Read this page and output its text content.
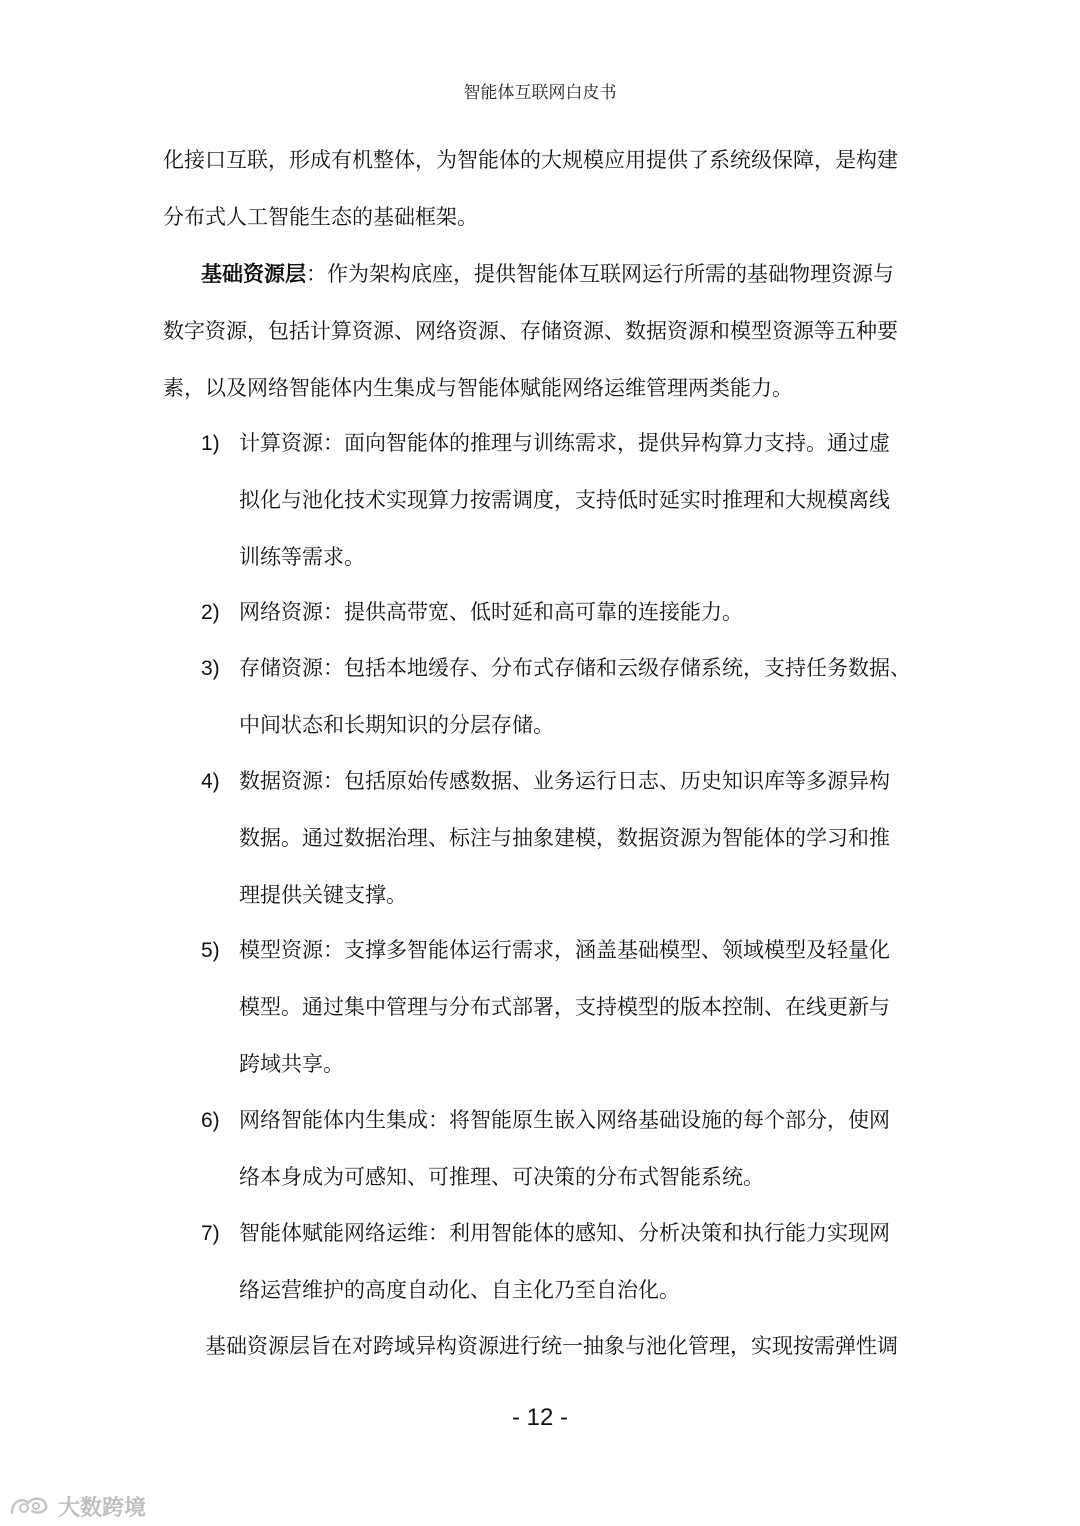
智能体互联网白皮书
化接口互联，形成有机整体，为智能体的大规模应用提供了系统级保障，是构建
分布式人工智能生态的基础框架。
基础资源层：作为架构底座，提供智能体互联网运行所需的基础物理资源与
数字资源，包括计算资源、网络资源、存储资源、数据资源和模型资源等五种要
素，以及网络智能体内生集成与智能体赋能网络运维管理两类能力。
1) 计算资源：面向智能体的推理与训练需求，提供异构算力支持。通过虚
拟化与池化技术实现算力按需调度，支持低时延实时推理和大规模离线
训练等需求。
2) 网络资源：提供高带宽、低时延和高可靠的连接能力。
3) 存储资源：包括本地缓存、分布式存储和云级存储系统，支持任务数据、
中间状态和长期知识的分层存储。
4) 数据资源：包括原始传感数据、业务运行日志、历史知识库等多源异构
数据。通过数据治理、标注与抽象建模，数据资源为智能体的学习和推
理提供关键支撑。
5) 模型资源：支撑多智能体运行需求，涵盖基础模型、领域模型及轻量化
模型。通过集中管理与分布式部署，支持模型的版本控制、在线更新与
跨域共享。
6) 网络智能体内生集成：将智能原生嵌入网络基础设施的每个部分，使网
络本身成为可感知、可推理、可决策的分布式智能系统。
7) 智能体赋能网络运维：利用智能体的感知、分析决策和执行能力实现网
络运营维护的高度自动化、自主化乃至自治化。
基础资源层旨在对跨域异构资源进行统一抽象与池化管理，实现按需弹性调
- 12 -
大数跨境
